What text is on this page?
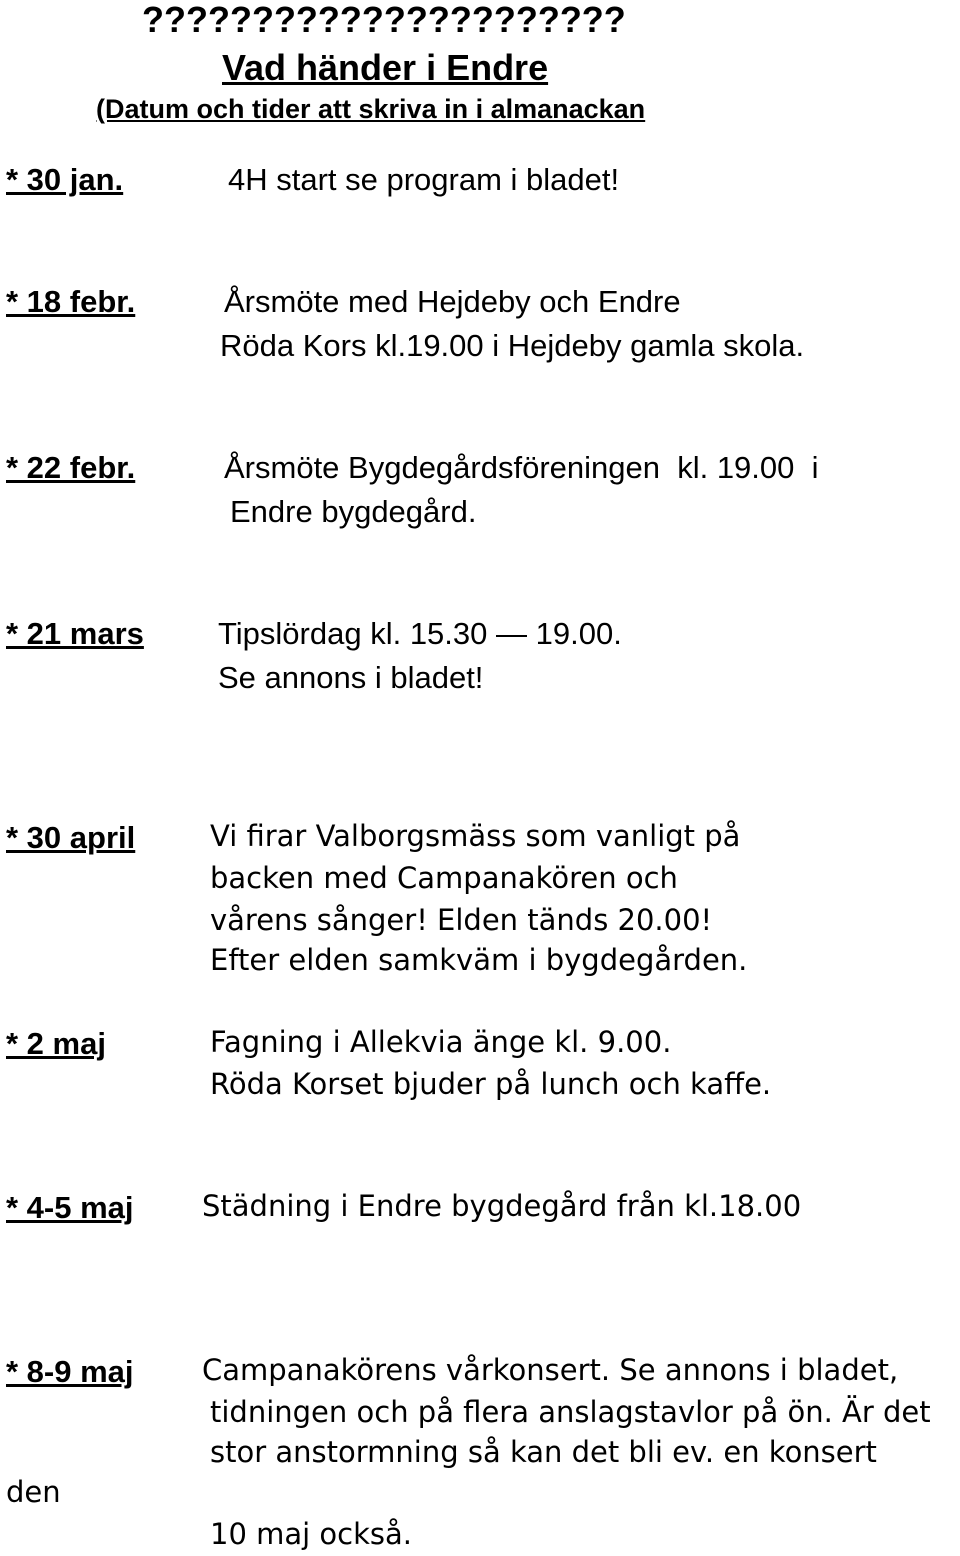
??????????????????????
Vad händer i Endre
(Datum och tider att skriva in i almanackan
* 30 jan.	4H start se program i bladet!
* 18 febr.	Årsmöte med Hejdeby och Endre
Röda Kors kl.19.00 i Hejdeby gamla skola.
* 22 febr.	Årsmöte Bygdegårdsföreningen  kl. 19.00  i
Endre bygdegård.
* 21 mars Tipslördag kl. 15.30 — 19.00.
Se annons i bladet!
* 30 april	Vi firar Valborgsmäss som vanligt på
backen med Campanakören och
vårens sånger! Elden tänds 20.00!
Efter elden samkväm i bygdegården.
* 2 maj	Fagning i Allekvia änge kl. 9.00.
Röda Korset bjuder på lunch och kaffe.
* 4-5 maj Städning i Endre bygdegård från kl.18.00
* 8-9 maj Campanakörens vårkonsert. Se annons i bladet,
tidningen och på flera anslagstavlor på ön. Är det
stor anstormning så kan det bli ev. en konsert
den
10 maj också.
